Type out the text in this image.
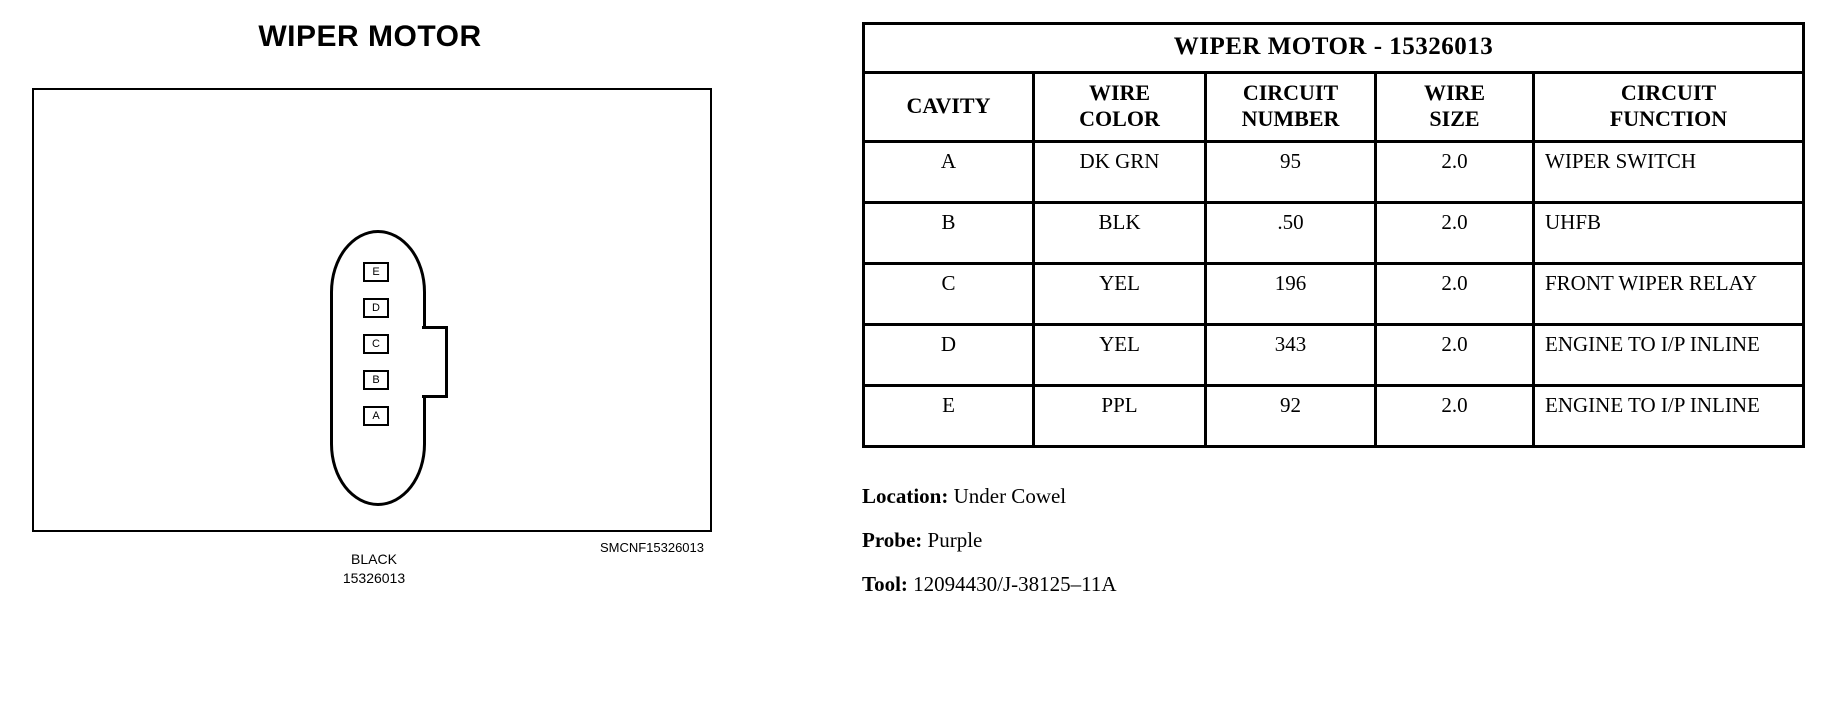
WIPER MOTOR
E
D
C
B
A
BLACK
15326013
SMCNF15326013
WIPER MOTOR - 15326013				

CAVITY

WIRE
COLOR

CIRCUIT
NUMBER

WIRE
SIZE

CIRCUIT
FUNCTION

A	DK GRN	95	2.0	WIPER SWITCH
B	BLK	.50	2.0	UHFB
C	YEL	196	2.0	FRONT WIPER RELAY
D	YEL	343	2.0	ENGINE TO I/P INLINE
E	PPL	92	2.0	ENGINE TO I/P INLINE
Location: Under Cowel
Probe: Purple
Tool: 12094430/J-38125–11A
